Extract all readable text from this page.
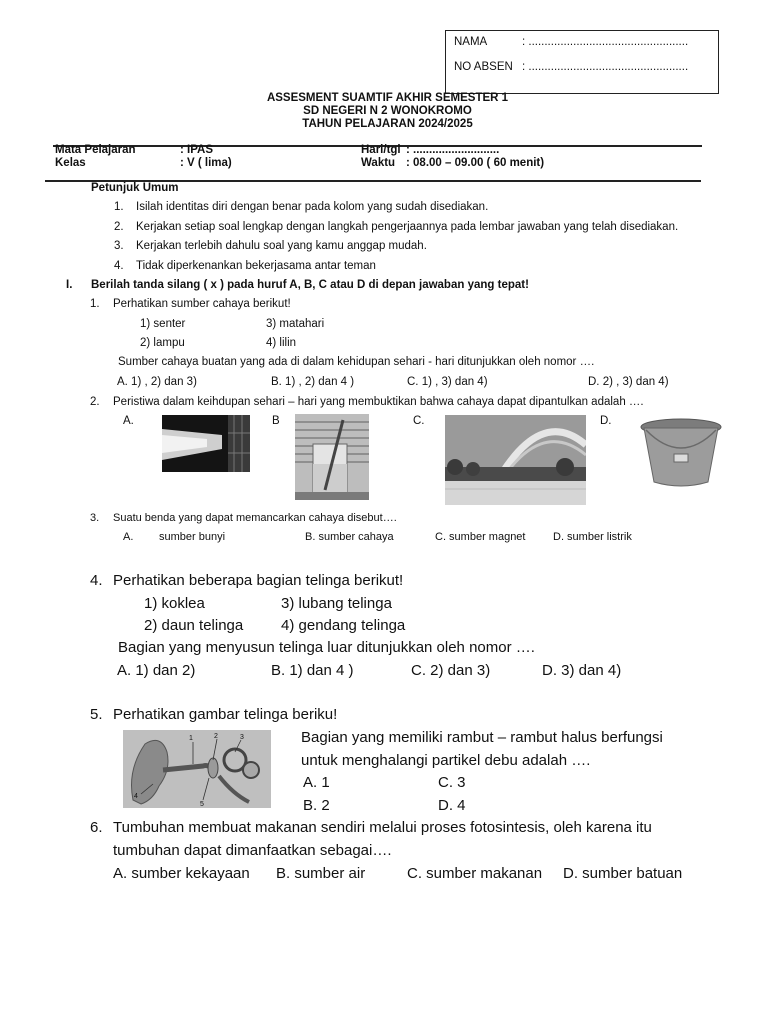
NAMA	: ..................................................
NO ABSEN : ..................................................
ASSESMENT SUAMTIF AKHIR SEMESTER 1
SD NEGERI N 2 WONOKROMO
TAHUN PELAJARAN 2024/2025
Mata Pelajaran	: IPAS
Kelas	: V ( lima)
Hari/tgl : ...........................
Waktu : 08.00 – 09.00 ( 60 menit)
Petunjuk Umum
1. Isilah identitas diri dengan benar pada kolom yang sudah disediakan.
2. Kerjakan setiap soal lengkap dengan langkah pengerjaannya pada lembar jawaban yang telah disediakan.
3. Kerjakan terlebih dahulu soal yang kamu anggap mudah.
4. Tidak diperkenankan bekerjasama antar teman
I. Berilah tanda silang ( x ) pada huruf A, B, C atau D di depan jawaban yang tepat!
1. Perhatikan sumber cahaya berikut!
1) senter	3) matahari
2) lampu	4) lilin
Sumber cahaya buatan yang ada di dalam kehidupan sehari - hari ditunjukkan oleh nomor ….
A. 1) , 2) dan 3)	B. 1) , 2) dan 4 )	C. 1) , 3) dan 4)	D. 2) , 3) dan 4)
2. Peristiwa dalam keihdupan sehari – hari yang membuktikan bahwa cahaya dapat dipantulkan adalah ….
A.	B	C.	D.
3. Suatu benda yang dapat memancarkan cahaya disebut….
A. sumber bunyi	B. sumber cahaya	C. sumber magnet	D. sumber listrik
4. Perhatikan beberapa bagian telinga berikut!
1) koklea	3) lubang telinga
2) daun telinga	4) gendang telinga
Bagian yang menyusun telinga luar ditunjukkan oleh nomor ….
A. 1) dan 2)	B. 1) dan 4 )	C. 2) dan 3)	D. 3) dan 4)
5. Perhatikan gambar telinga beriku!
1	2	3
4
5
Bagian yang memiliki rambut – rambut halus berfungsi
untuk menghalangi partikel debu adalah ….
A. 1	C. 3
B. 2	D. 4
6. Tumbuhan membuat makanan sendiri melalui proses fotosintesis, oleh karena itu
tumbuhan dapat dimanfaatkan sebagai….
A. sumber kekayaan B. sumber air	C. sumber makanan D. sumber batuan
